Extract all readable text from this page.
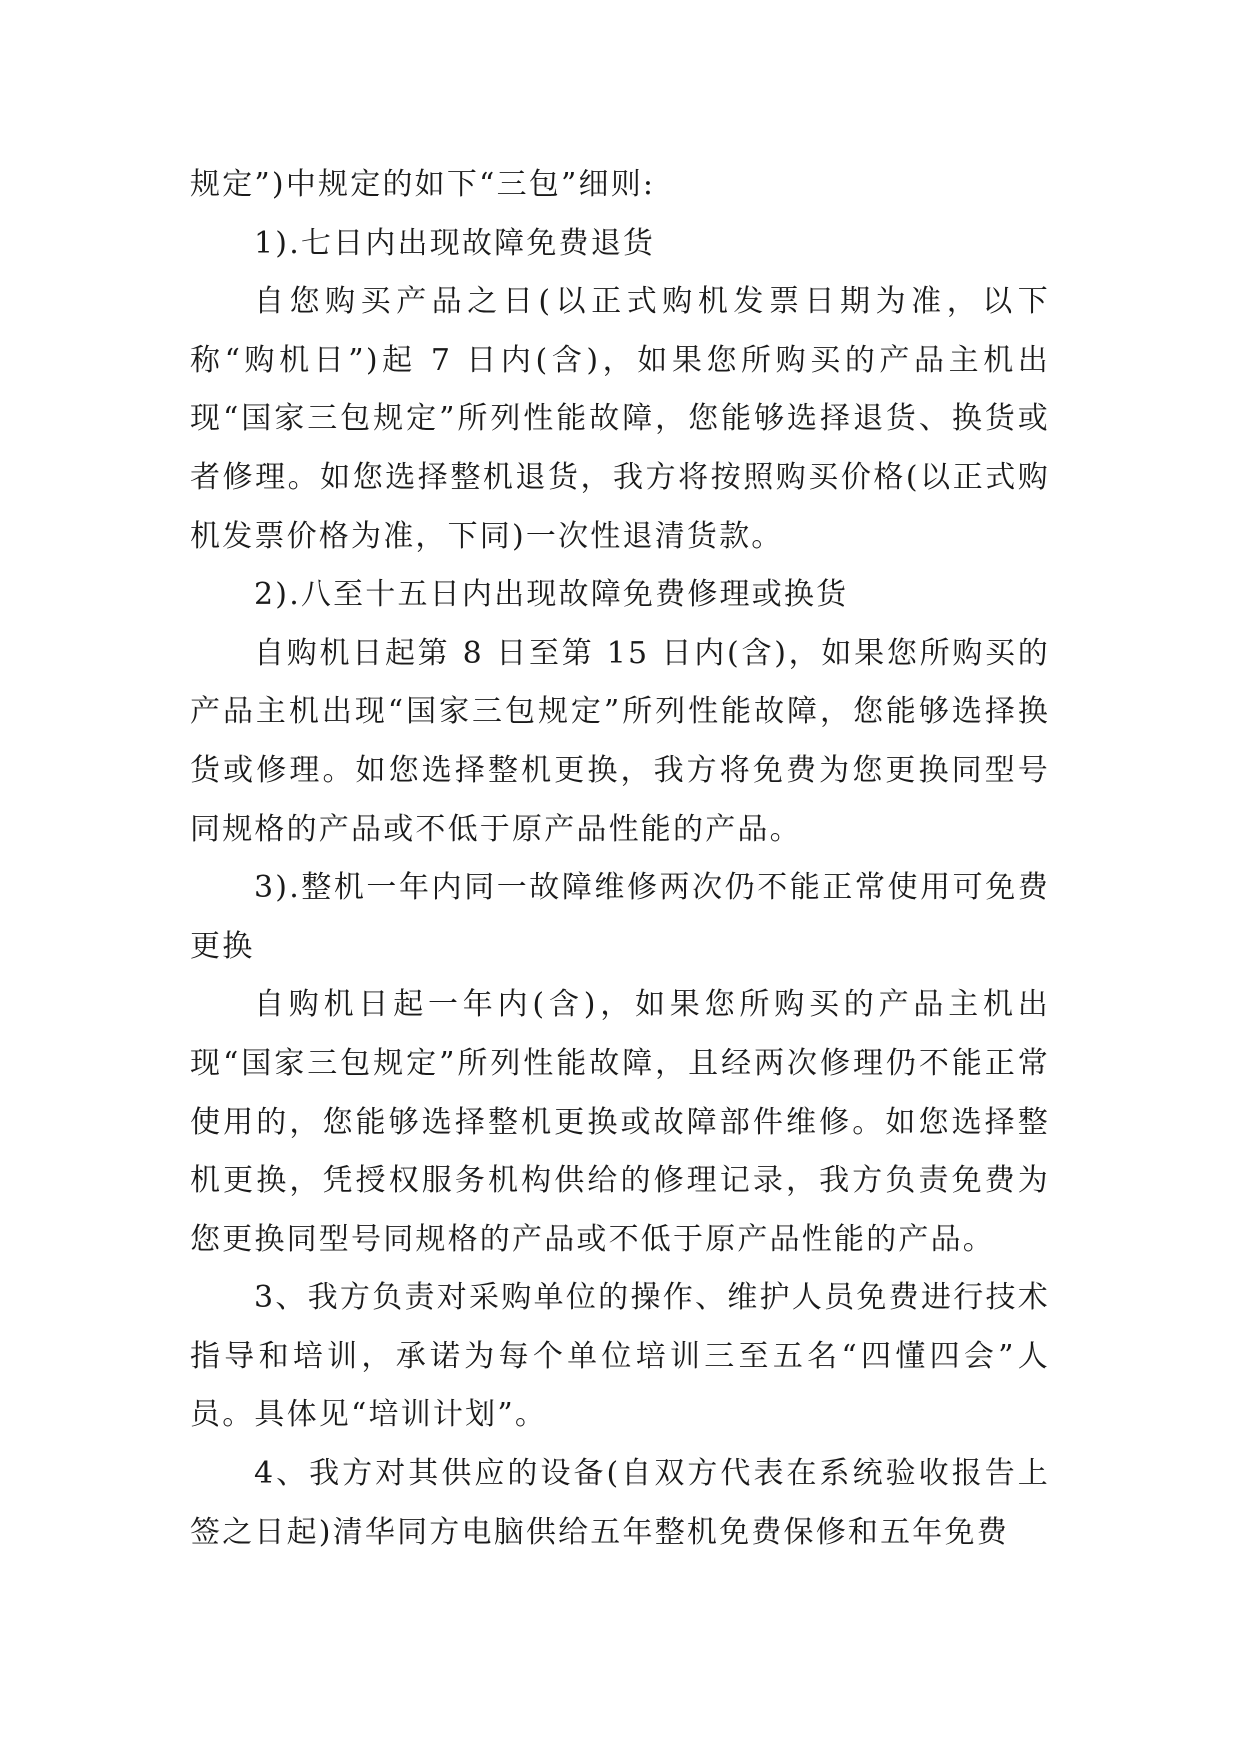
规定”)中规定的如下“三包”细则:

1).七日内出现故障免费退货

自您购买产品之日(以正式购机发票日期为准，以下称“购机日”)起 7 日内(含)，如果您所购买的产品主机出现“国家三包规定”所列性能故障，您能够选择退货、换货或者修理。如您选择整机退货，我方将按照购买价格(以正式购机发票价格为准，下同)一次性退清货款。

2).八至十五日内出现故障免费修理或换货

自购机日起第 8 日至第 15 日内(含)，如果您所购买的产品主机出现“国家三包规定”所列性能故障，您能够选择换货或修理。如您选择整机更换，我方将免费为您更换同型号同规格的产品或不低于原产品性能的产品。

3).整机一年内同一故障维修两次仍不能正常使用可免费更换

自购机日起一年内(含)，如果您所购买的产品主机出现“国家三包规定”所列性能故障，且经两次修理仍不能正常使用的，您能够选择整机更换或故障部件维修。如您选择整机更换，凭授权服务机构供给的修理记录，我方负责免费为您更换同型号同规格的产品或不低于原产品性能的产品。

3、我方负责对采购单位的操作、维护人员免费进行技术指导和培训，承诺为每个单位培训三至五名“四懂四会”人员。具体见“培训计划”。

4、我方对其供应的设备(自双方代表在系统验收报告上签之日起)清华同方电脑供给五年整机免费保修和五年免费
